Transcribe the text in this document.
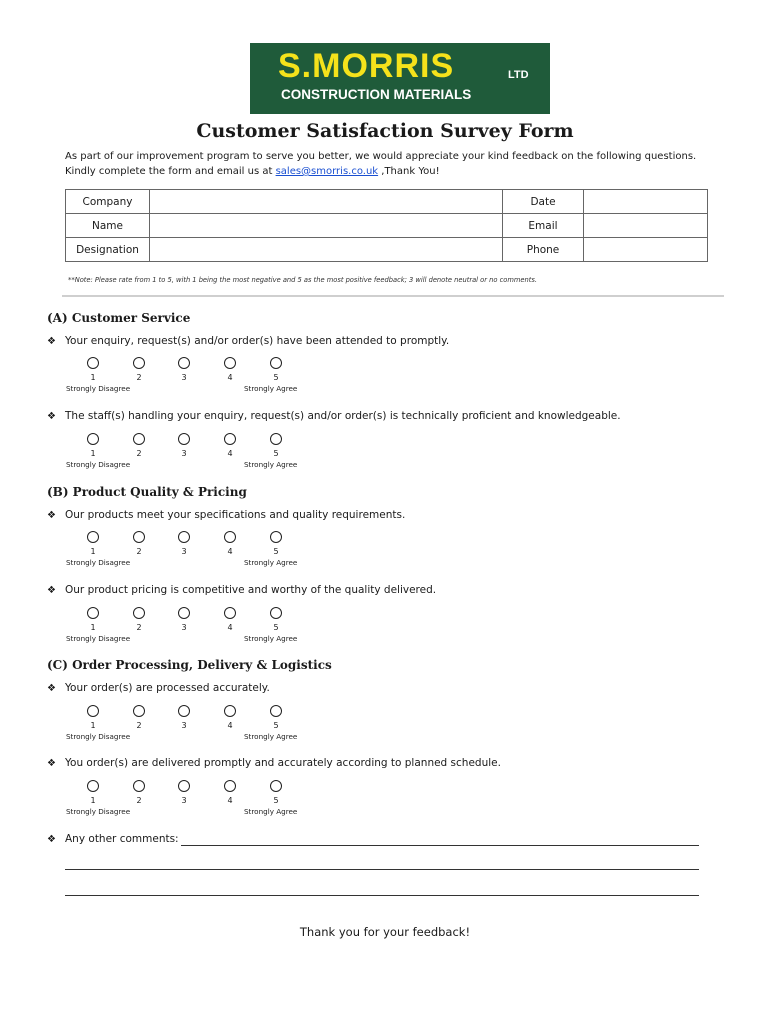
S.MORRIS	LTD
CONSTRUCTION MATERIALS
Customer Satisfaction Survey Form
As part of our improvement program to serve you better, we would appreciate your kind feedback on the following questions. Kindly complete the form and email us at sales@smorris.co.uk ,Thank You!
Company		Date	
Name		Email	
Designation		Phone	
**Note: Please rate from 1 to 5, with 1 being the most negative and 5 as the most positive feedback; 3 will denote neutral or no comments.
(A) Customer Service
❖ Your enquiry, request(s) and/or order(s) have been attended to promptly.
❖ The staff(s) handling your enquiry, request(s) and/or order(s) is technically proficient and knowledgeable.
(B) Product Quality & Pricing
❖ Our products meet your specifications and quality requirements.
❖ Our product pricing is competitive and worthy of the quality delivered.
(C) Order Processing, Delivery & Logistics
❖ Your order(s) are processed accurately.
❖ You order(s) are delivered promptly and accurately according to planned schedule.
❖ Any other comments:
Thank you for your feedback!
1	2	3	4	5
Strongly Disagree	Strongly Agree
1	2	3	4	5
Strongly Disagree	Strongly Agree
1	2	3	4	5
Strongly Disagree	Strongly Agree
1	2	3	4	5
Strongly Disagree	Strongly Agree
1	2	3	4	5
Strongly Disagree	Strongly Agree
1	2	3	4	5
Strongly Disagree	Strongly Agree
